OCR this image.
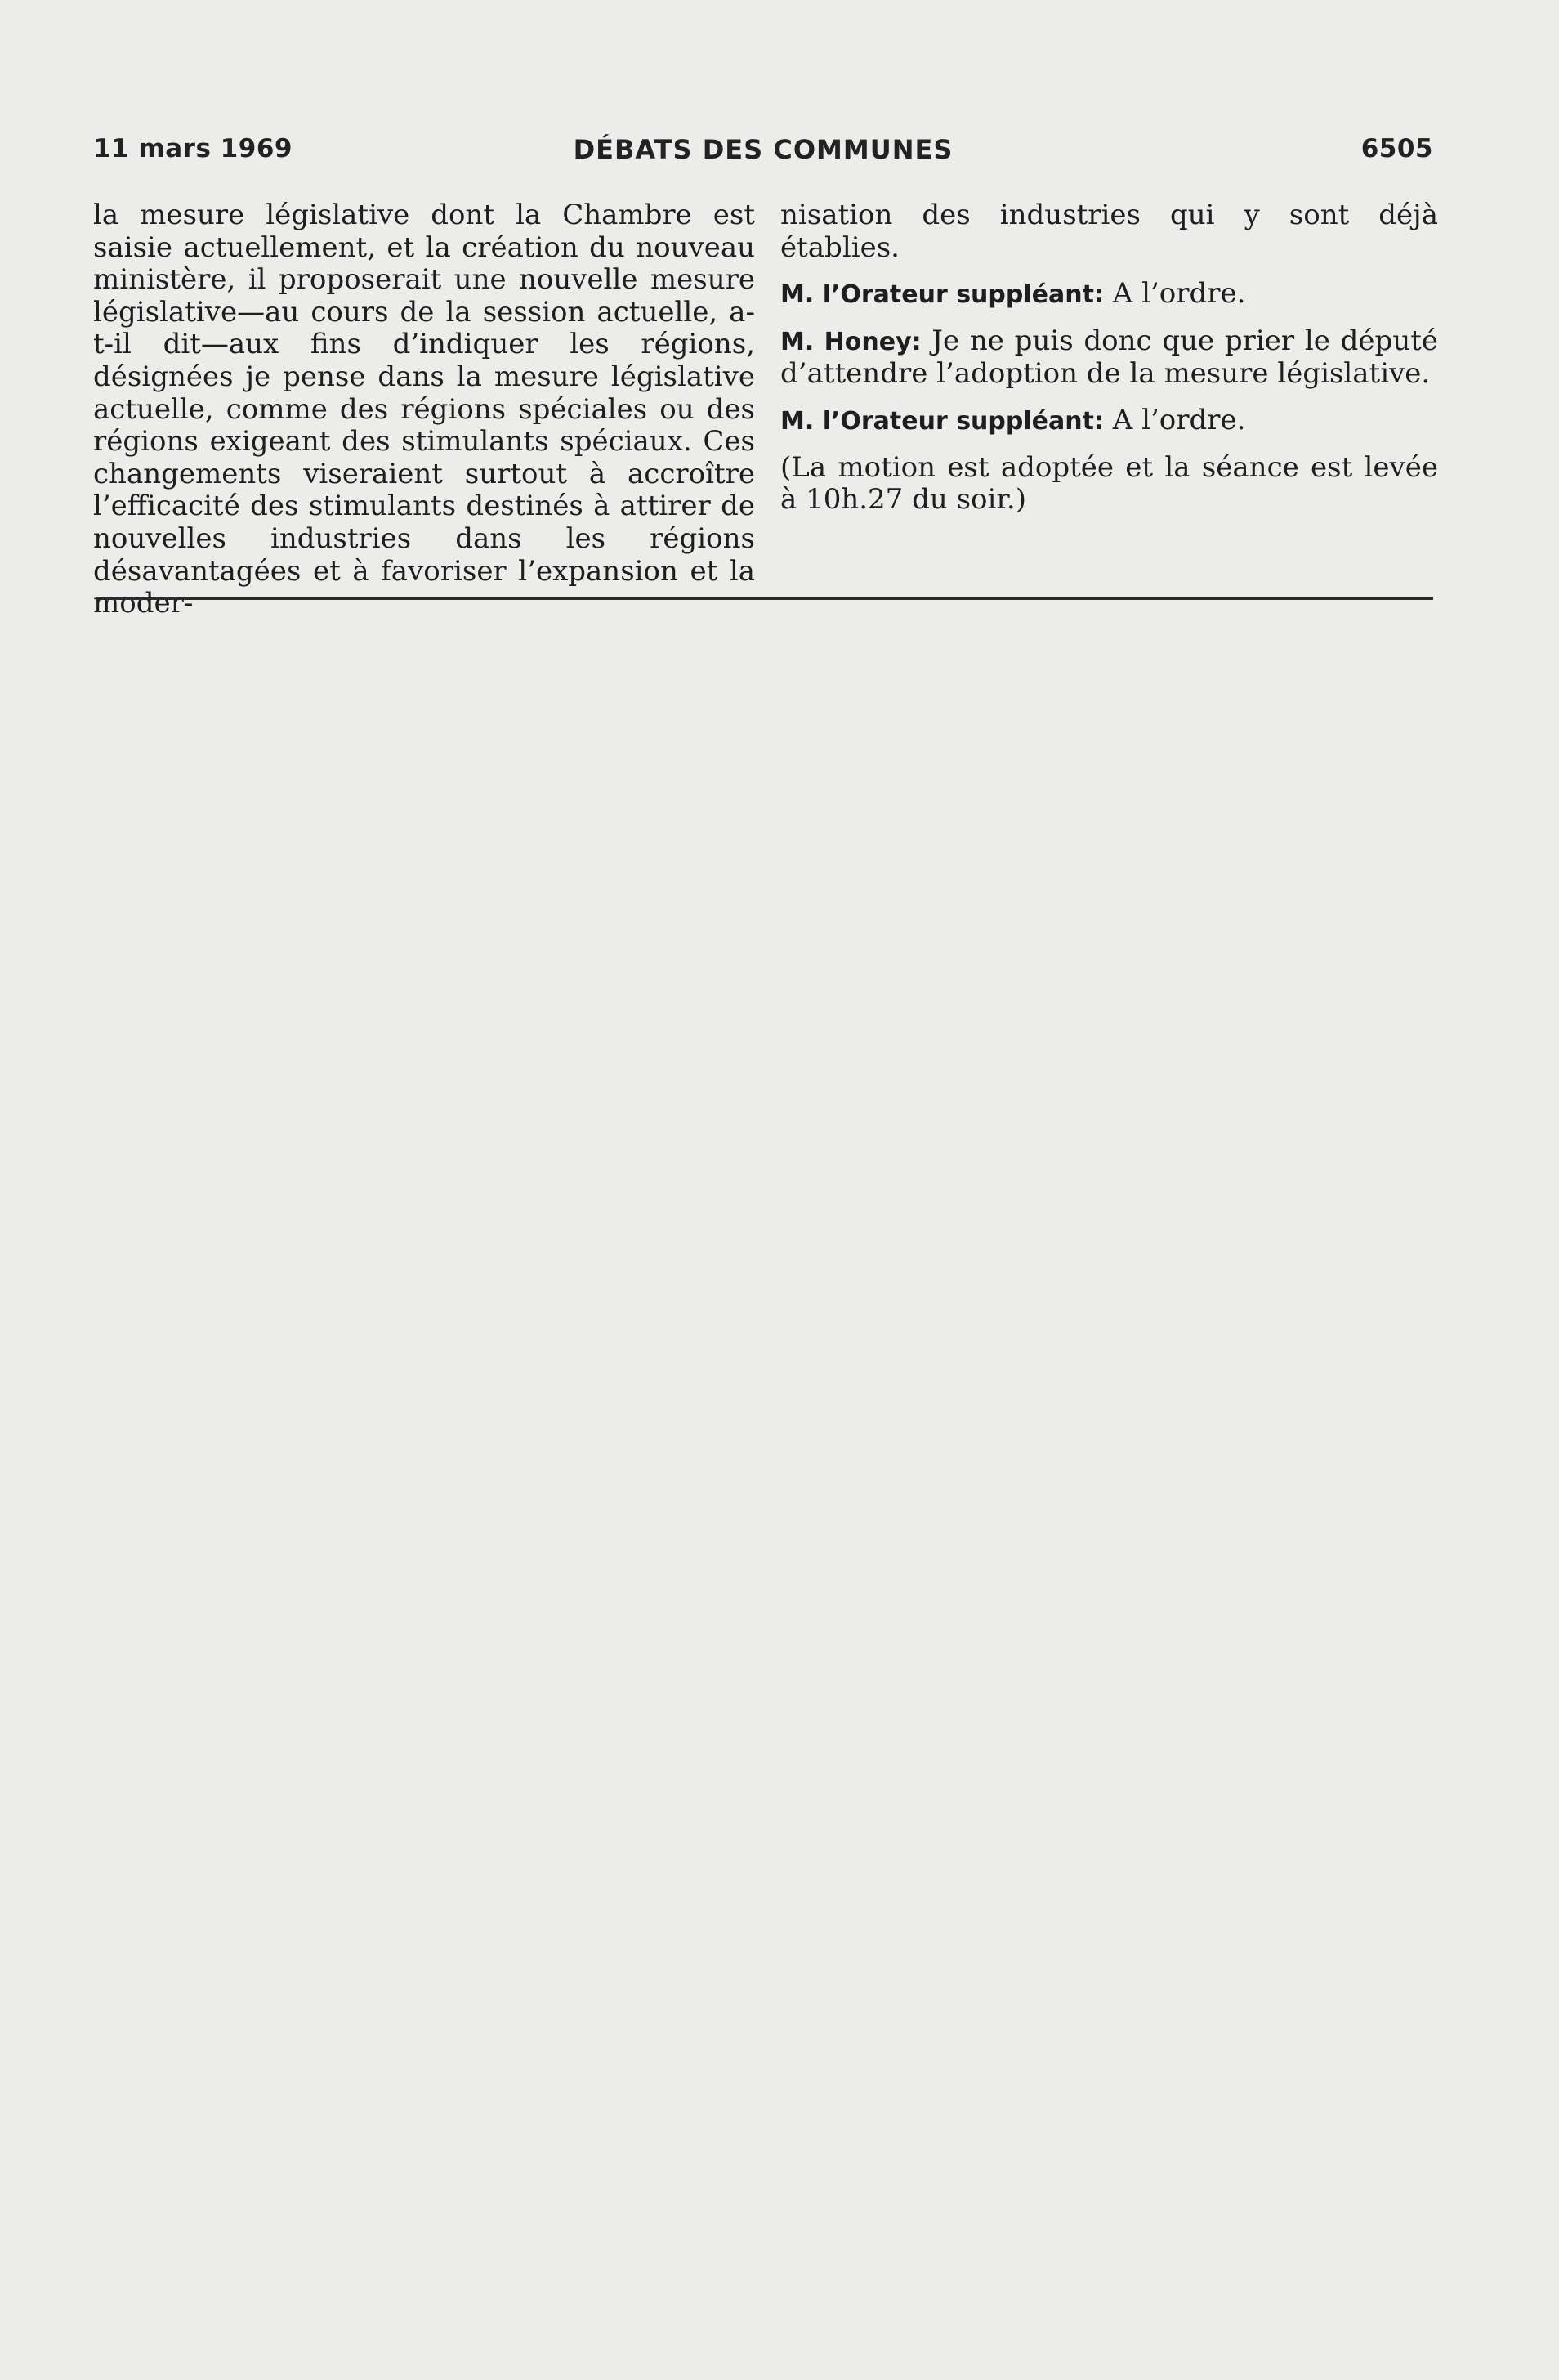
11 mars 1969	DÉBATS DES COMMUNES	6505

la mesure législative dont la Chambre est saisie actuellement, et la création du nouveau ministère, il proposerait une nouvelle mesure législative—au cours de la session actuelle, a-t-il dit—aux fins d’indiquer les régions, désignées je pense dans la mesure législative actuelle, comme des régions spéciales ou des régions exigeant des stimulants spéciaux. Ces changements viseraient surtout à accroître l’efficacité des stimulants destinés à attirer de nouvelles industries dans les régions désavantagées et à favoriser l’expansion et la moder-

nisation des industries qui y sont déjà établies.

M. l’Orateur suppléant: A l’ordre.

M. Honey: Je ne puis donc que prier le député d’attendre l’adoption de la mesure législative.

M. l’Orateur suppléant: A l’ordre.

(La motion est adoptée et la séance est levée à 10h.27 du soir.)
